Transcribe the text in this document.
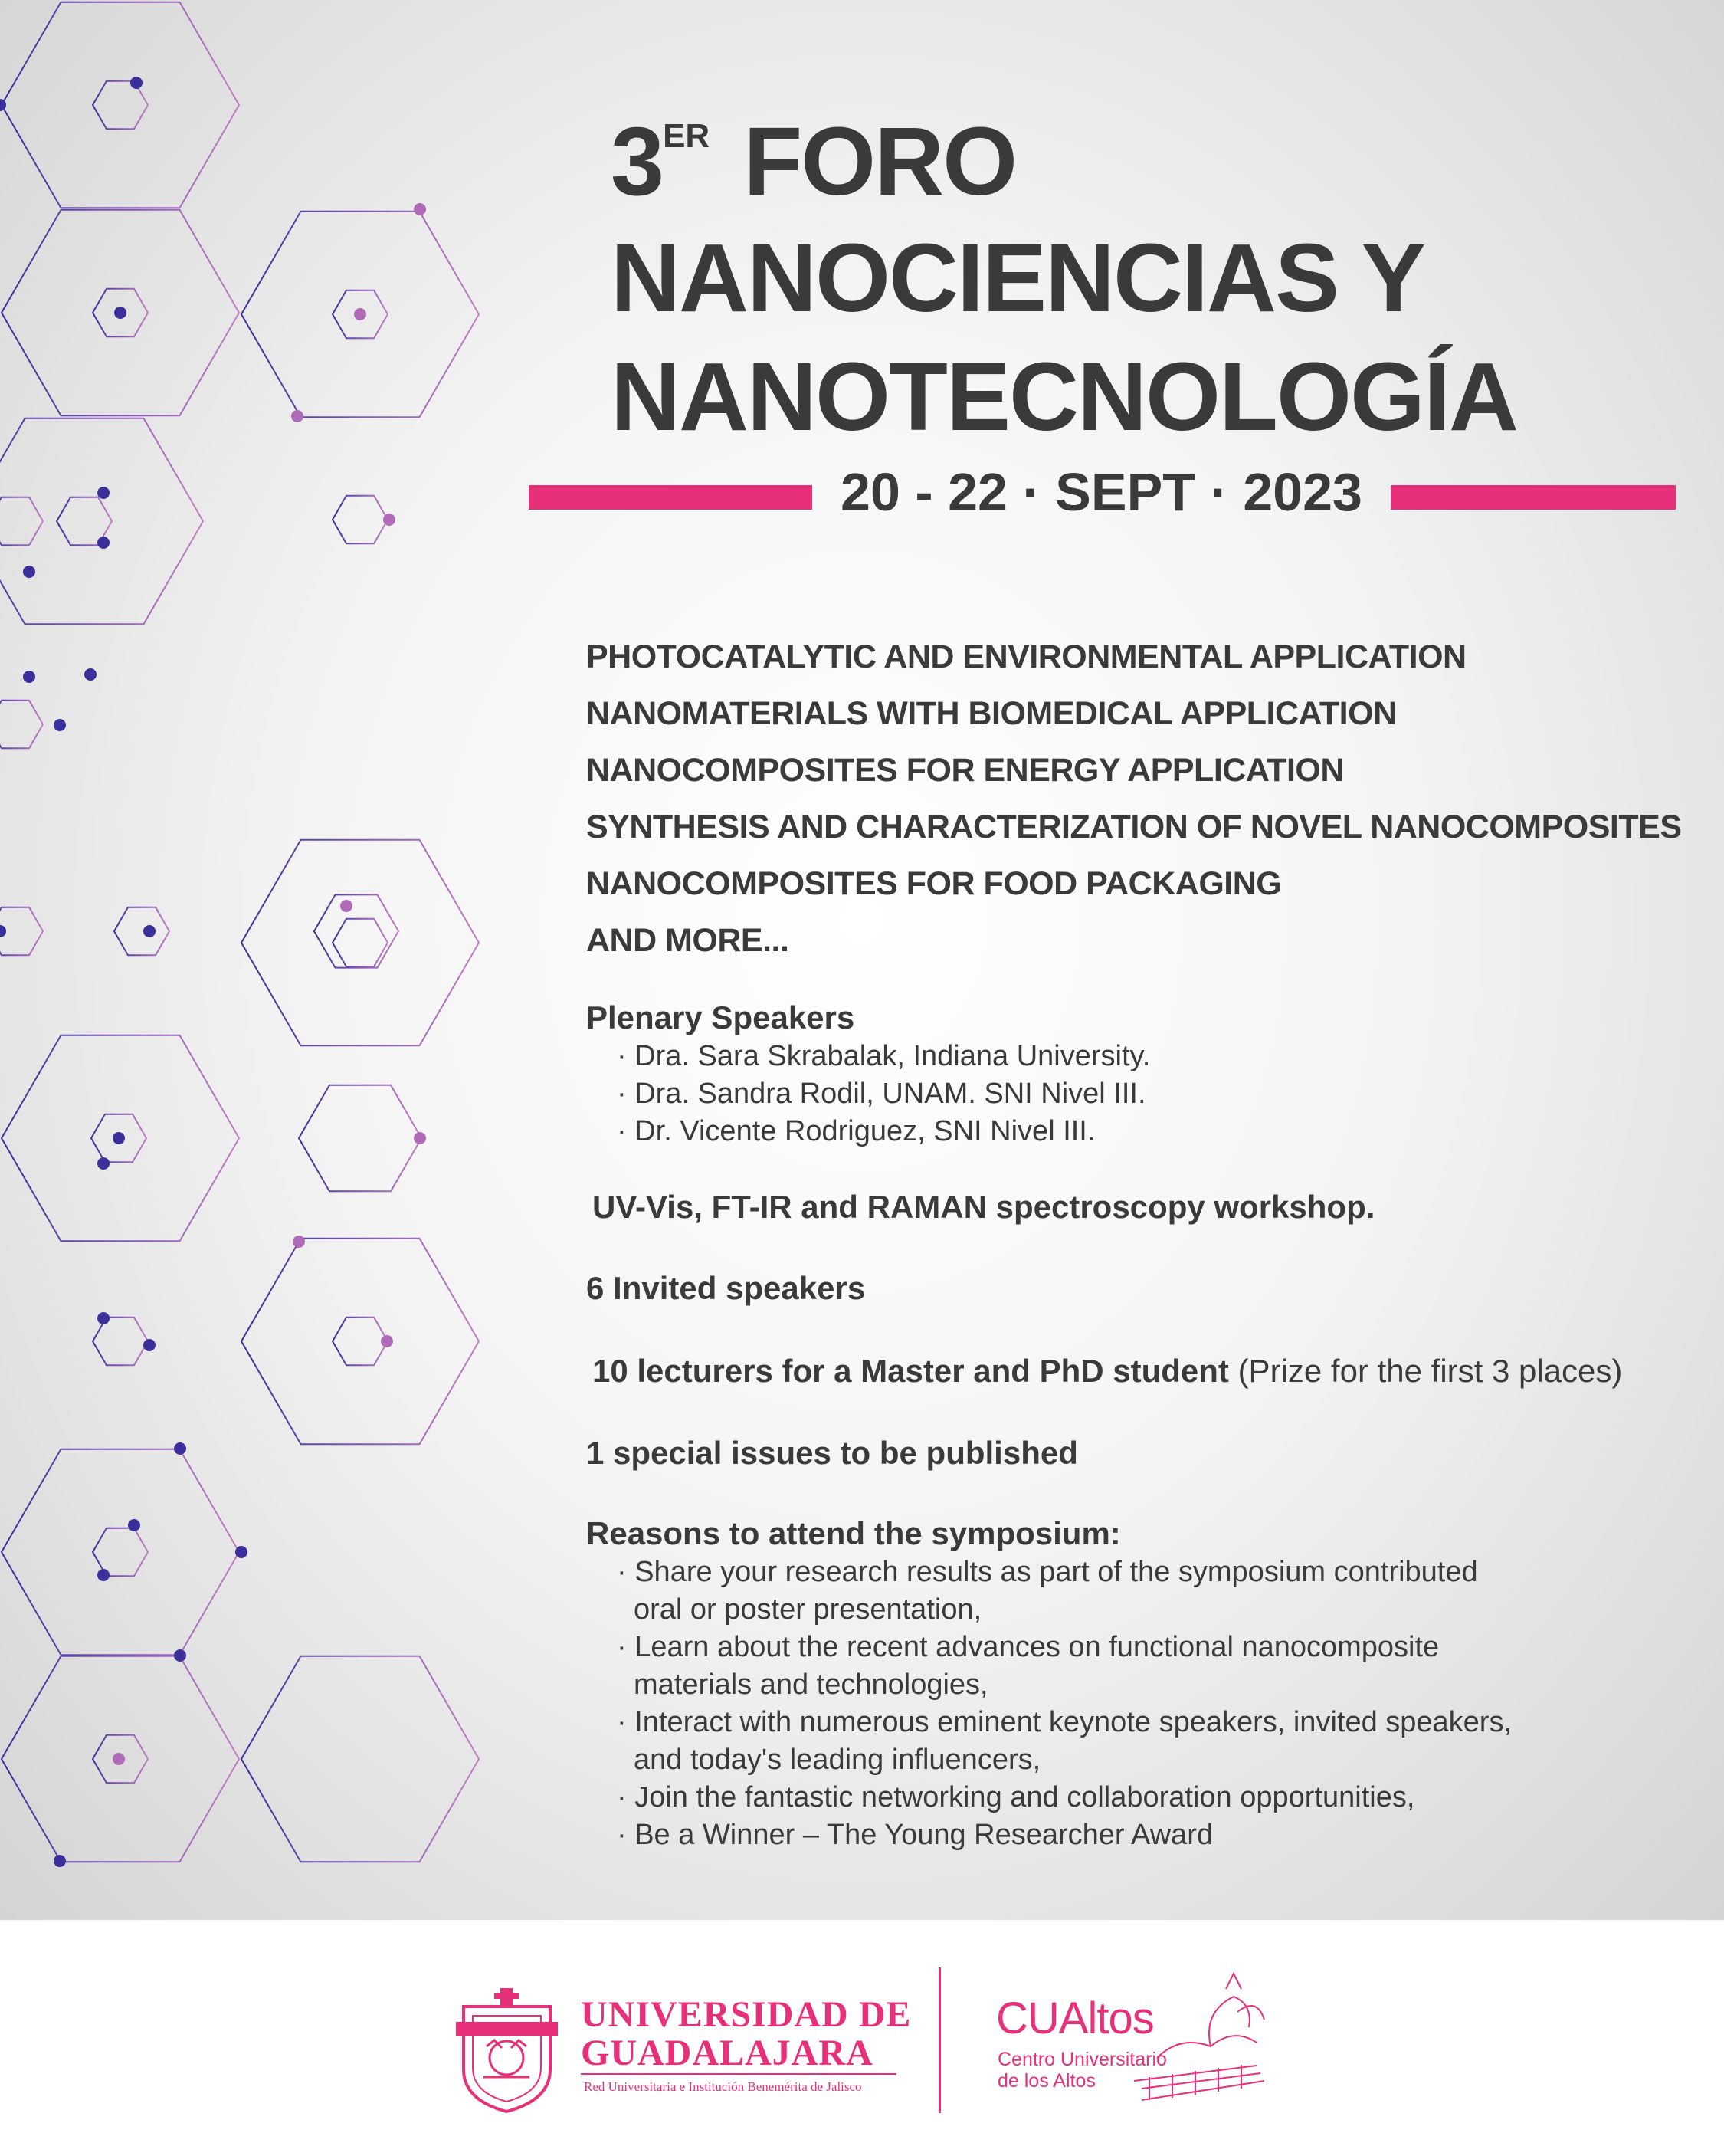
3ER FORO
NANOCIENCIAS Y
NANOTECNOLOGÍA

20 - 22 · SEPT · 2023

PHOTOCATALYTIC AND ENVIRONMENTAL APPLICATION

NANOMATERIALS WITH BIOMEDICAL APPLICATION

NANOCOMPOSITES FOR ENERGY APPLICATION

SYNTHESIS AND CHARACTERIZATION OF NOVEL NANOCOMPOSITES

NANOCOMPOSITES FOR FOOD PACKAGING

AND MORE...

Plenary Speakers

· Dra. Sara Skrabalak, Indiana University.

· Dra. Sandra Rodil, UNAM. SNI Nivel III.

· Dr. Vicente Rodriguez, SNI Nivel III.

UV-Vis, FT-IR and RAMAN spectroscopy workshop.

6 Invited speakers

10 lecturers for a Master and PhD student (Prize for the first 3 places)

1 special issues to be published

Reasons to attend the symposium:

· Share your research results as part of the symposium contributed

oral or poster presentation,

· Learn about the recent advances on functional nanocomposite

materials and technologies,

· Interact with numerous eminent keynote speakers, invited speakers,

and today's leading influencers,

· Join the fantastic networking and collaboration opportunities,

· Be a Winner – The Young Researcher Award

UNIVERSIDAD DE

GUADALAJARA

Red Universitaria e Institución Benemérita de Jalisco

CUAltos

Centro Universitario

de los Altos
